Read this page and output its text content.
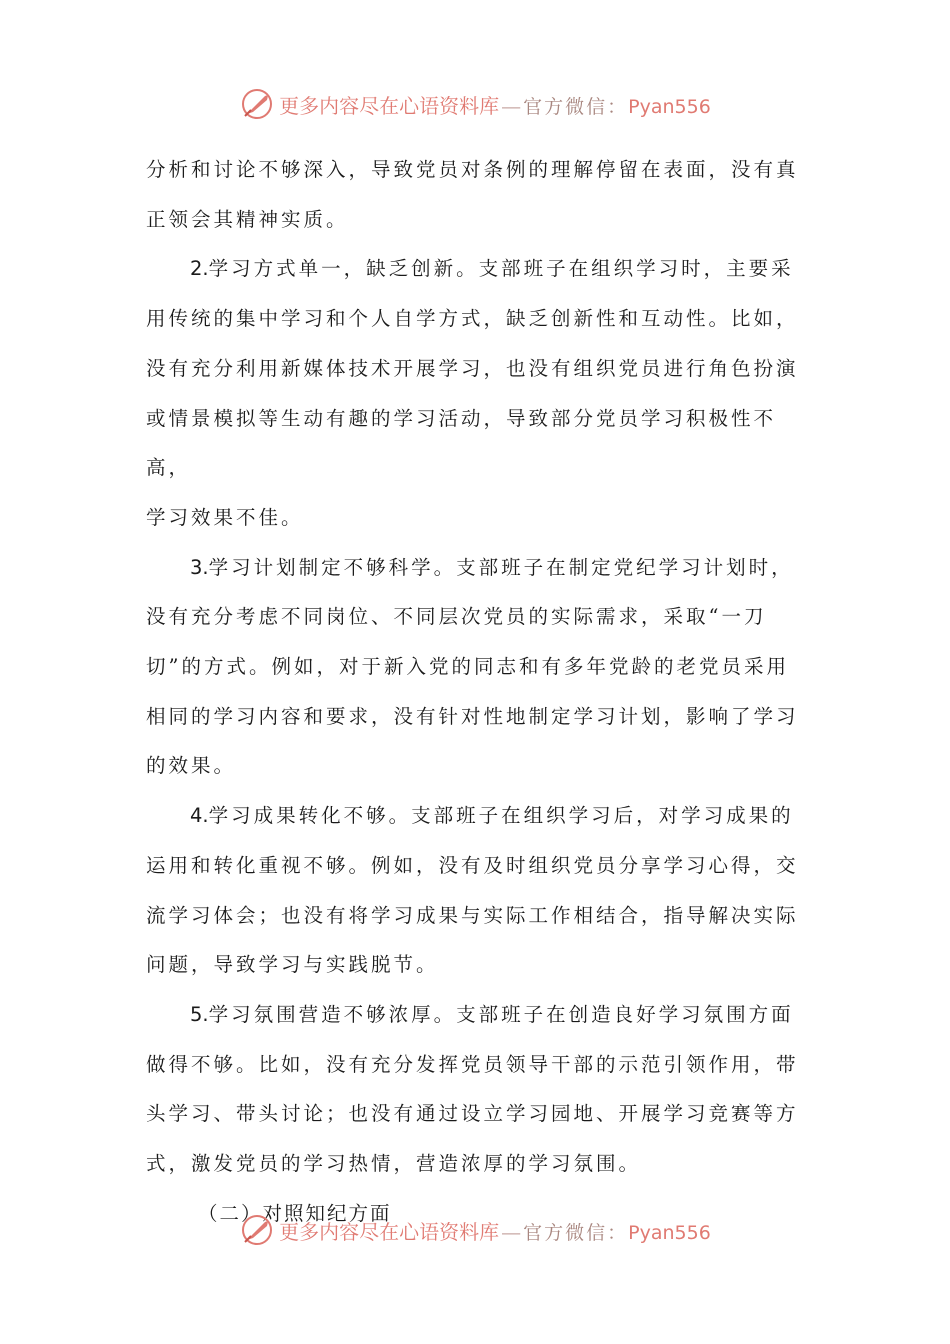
更多内容尽在心语资料库 — 官方微信：Pyan556

分析和讨论不够深入，导致党员对条例的理解停留在表面，没有真
正领会其精神实质。

2.学习方式单一，缺乏创新。支部班子在组织学习时，主要采
用传统的集中学习和个人自学方式，缺乏创新性和互动性。比如，
没有充分利用新媒体技术开展学习，也没有组织党员进行角色扮演
或情景模拟等生动有趣的学习活动，导致部分党员学习积极性不高，
学习效果不佳。

3.学习计划制定不够科学。支部班子在制定党纪学习计划时，
没有充分考虑不同岗位、不同层次党员的实际需求，采取“一刀
切”的方式。例如，对于新入党的同志和有多年党龄的老党员采用
相同的学习内容和要求，没有针对性地制定学习计划，影响了学习
的效果。

4.学习成果转化不够。支部班子在组织学习后，对学习成果的
运用和转化重视不够。例如，没有及时组织党员分享学习心得，交
流学习体会；也没有将学习成果与实际工作相结合，指导解决实际
问题，导致学习与实践脱节。

5.学习氛围营造不够浓厚。支部班子在创造良好学习氛围方面
做得不够。比如，没有充分发挥党员领导干部的示范引领作用，带
头学习、带头讨论；也没有通过设立学习园地、开展学习竞赛等方
式，激发党员的学习热情，营造浓厚的学习氛围。

（二）对照知纪方面

更多内容尽在心语资料库 — 官方微信：Pyan556
